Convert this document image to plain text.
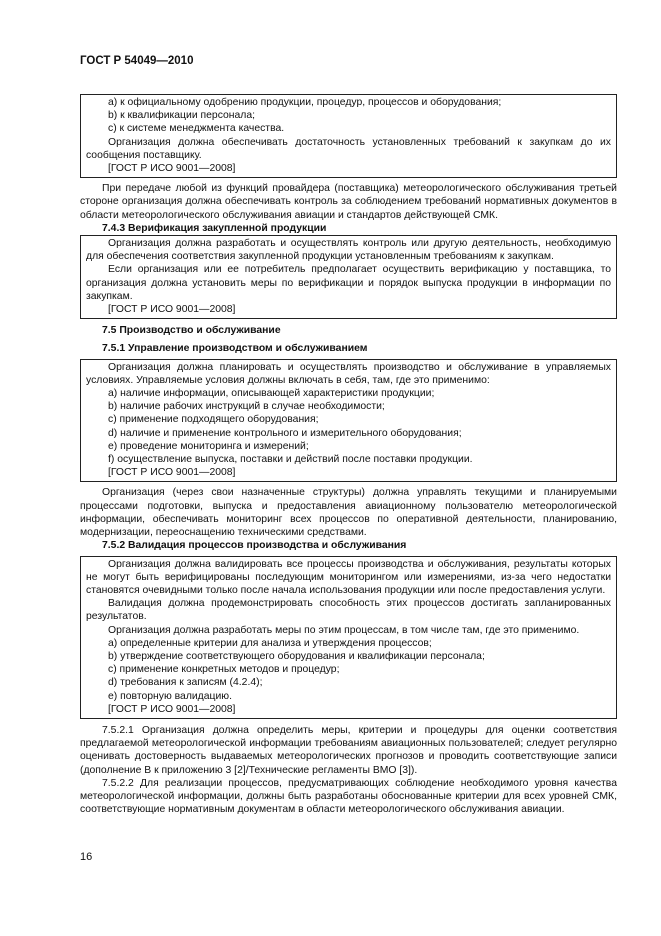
ГОСТ Р 54049—2010

a) к официальному одобрению продукции, процедур, процессов и оборудования;

b) к квалификации персонала;

c) к системе менеджмента качества.

Организация должна обеспечивать достаточность установленных требований к закупкам до их сообщения поставщику.

[ГОСТ Р ИСО 9001—2008]

При передаче любой из функций провайдера (поставщика) метеорологического обслуживания третьей стороне организация должна обеспечивать контроль за соблюдением требований нормативных документов в области метеорологического обслуживания авиации и стандартов действующей СМК.

7.4.3 Верификация закупленной продукции

Организация должна разработать и осуществлять контроль или другую деятельность, необходимую для обеспечения соответствия закупленной продукции установленным требованиям к закупкам.

Если организация или ее потребитель предполагает осуществить верификацию у поставщика, то организация должна установить меры по верификации и порядок выпуска продукции в информации по закупкам.

[ГОСТ Р ИСО 9001—2008]

7.5 Производство и обслуживание

7.5.1 Управление производством и обслуживанием

Организация должна планировать и осуществлять производство и обслуживание в управляемых условиях. Управляемые условия должны включать в себя, там, где это применимо:

a) наличие информации, описывающей характеристики продукции;

b) наличие рабочих инструкций в случае необходимости;

c) применение подходящего оборудования;

d) наличие и применение контрольного и измерительного оборудования;

e) проведение мониторинга и измерений;

f) осуществление выпуска, поставки и действий после поставки продукции.

[ГОСТ Р ИСО 9001—2008]

Организация (через свои назначенные структуры) должна управлять текущими и планируемыми процессами подготовки, выпуска и предоставления авиационному пользователю метеорологической информации, обеспечивать мониторинг всех процессов по оперативной деятельности, планированию, модернизации, переоснащению техническими средствами.

7.5.2 Валидация процессов производства и обслуживания

Организация должна валидировать все процессы производства и обслуживания, результаты которых не могут быть верифицированы последующим мониторингом или измерениями, из-за чего недостатки становятся очевидными только после начала использования продукции или после предоставления услуги.

Валидация должна продемонстрировать способность этих процессов достигать запланированных результатов.

Организация должна разработать меры по этим процессам, в том числе там, где это применимо.

a) определенные критерии для анализа и утверждения процессов;

b) утверждение соответствующего оборудования и квалификации персонала;

c) применение конкретных методов и процедур;

d) требования к записям (4.2.4);

e) повторную валидацию.

[ГОСТ Р ИСО 9001—2008]

7.5.2.1 Организация должна определить меры, критерии и процедуры для оценки соответствия предлагаемой метеорологической информации требованиям авиационных пользователей; следует регулярно оценивать достоверность выдаваемых метеорологических прогнозов и проводить соответствующие записи (дополнение В к приложению 3 [2]/Технические регламенты ВМО [3]).

7.5.2.2 Для реализации процессов, предусматривающих соблюдение необходимого уровня качества метеорологической информации, должны быть разработаны обоснованные критерии для всех уровней СМК, соответствующие нормативным документам в области метеорологического обслуживания авиации.

16
